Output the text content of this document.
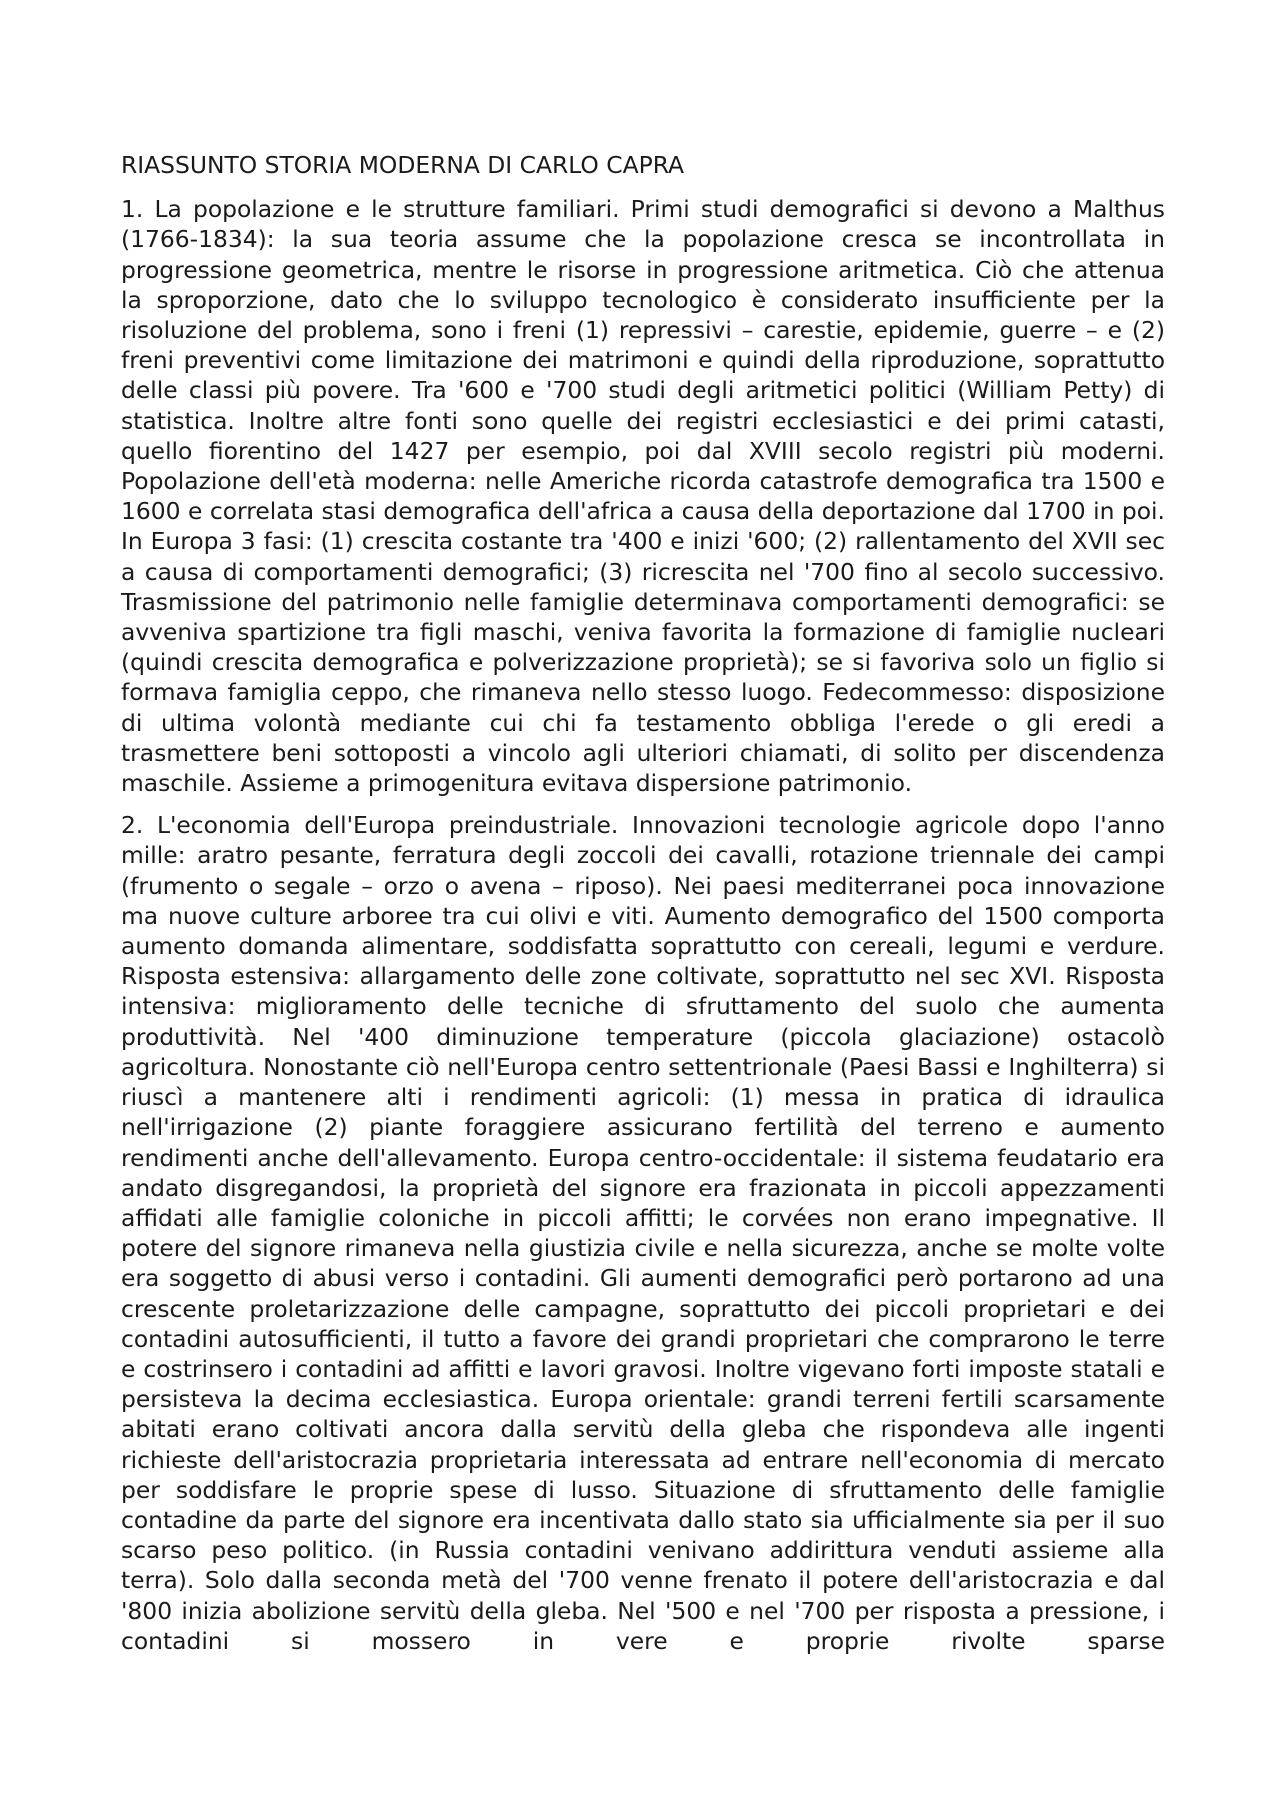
RIASSUNTO STORIA MODERNA DI CARLO CAPRA

1. La popolazione e le strutture familiari. Primi studi demografici si devono a Malthus (1766-1834): la sua teoria assume che la popolazione cresca se incontrollata in progressione geometrica, mentre le risorse in progressione aritmetica. Ciò che attenua la sproporzione, dato che lo sviluppo tecnologico è considerato insufficiente per la risoluzione del problema, sono i freni (1) repressivi – carestie, epidemie, guerre – e (2) freni preventivi come limitazione dei matrimoni e quindi della riproduzione, soprattutto delle classi più povere. Tra '600 e '700 studi degli aritmetici politici (William Petty) di statistica. Inoltre altre fonti sono quelle dei registri ecclesiastici e dei primi catasti, quello fiorentino del 1427 per esempio, poi dal XVIII secolo registri più moderni. Popolazione dell'età moderna: nelle Americhe ricorda catastrofe demografica tra 1500 e 1600 e correlata stasi demografica dell'africa a causa della deportazione dal 1700 in poi. In Europa 3 fasi: (1) crescita costante tra '400 e inizi '600; (2) rallentamento del XVII sec a causa di comportamenti demografici; (3) ricrescita nel '700 fino al secolo successivo. Trasmissione del patrimonio nelle famiglie determinava comportamenti demografici: se avveniva spartizione tra figli maschi, veniva favorita la formazione di famiglie nucleari (quindi crescita demografica e polverizzazione proprietà); se si favoriva solo un figlio si formava famiglia ceppo, che rimaneva nello stesso luogo. Fedecommesso: disposizione di ultima volontà mediante cui chi fa testamento obbliga l'erede o gli eredi a trasmettere beni sottoposti a vincolo agli ulteriori chiamati, di solito per discendenza maschile. Assieme a primogenitura evitava dispersione patrimonio.

2. L'economia dell'Europa preindustriale. Innovazioni tecnologie agricole dopo l'anno mille: aratro pesante, ferratura degli zoccoli dei cavalli, rotazione triennale dei campi (frumento o segale – orzo o avena – riposo). Nei paesi mediterranei poca innovazione ma nuove culture arboree tra cui olivi e viti. Aumento demografico del 1500 comporta aumento domanda alimentare, soddisfatta soprattutto con cereali, legumi e verdure. Risposta estensiva: allargamento delle zone coltivate, soprattutto nel sec XVI. Risposta intensiva: miglioramento delle tecniche di sfruttamento del suolo che aumenta produttività. Nel '400 diminuzione temperature (piccola glaciazione) ostacolò agricoltura. Nonostante ciò nell'Europa centro settentrionale (Paesi Bassi e Inghilterra) si riuscì a mantenere alti i rendimenti agricoli: (1) messa in pratica di idraulica nell'irrigazione (2) piante foraggiere assicurano fertilità del terreno e aumento rendimenti anche dell'allevamento. Europa centro-occidentale: il sistema feudatario era andato disgregandosi, la proprietà del signore era frazionata in piccoli appezzamenti affidati alle famiglie coloniche in piccoli affitti; le corvées non erano impegnative. Il potere del signore rimaneva nella giustizia civile e nella sicurezza, anche se molte volte era soggetto di abusi verso i contadini. Gli aumenti demografici però portarono ad una crescente proletarizzazione delle campagne, soprattutto dei piccoli proprietari e dei contadini autosufficienti, il tutto a favore dei grandi proprietari che comprarono le terre e costrinsero i contadini ad affitti e lavori gravosi. Inoltre vigevano forti imposte statali e persisteva la decima ecclesiastica. Europa orientale: grandi terreni fertili scarsamente abitati erano coltivati ancora dalla servitù della gleba che rispondeva alle ingenti richieste dell'aristocrazia proprietaria interessata ad entrare nell'economia di mercato per soddisfare le proprie spese di lusso. Situazione di sfruttamento delle famiglie contadine da parte del signore era incentivata dallo stato sia ufficialmente sia per il suo scarso peso politico. (in Russia contadini venivano addirittura venduti assieme alla terra). Solo dalla seconda metà del '700 venne frenato il potere dell'aristocrazia e dal '800 inizia abolizione servitù della gleba. Nel '500 e nel '700 per risposta a pressione, i contadini si mossero in vere e proprie rivolte sparse
